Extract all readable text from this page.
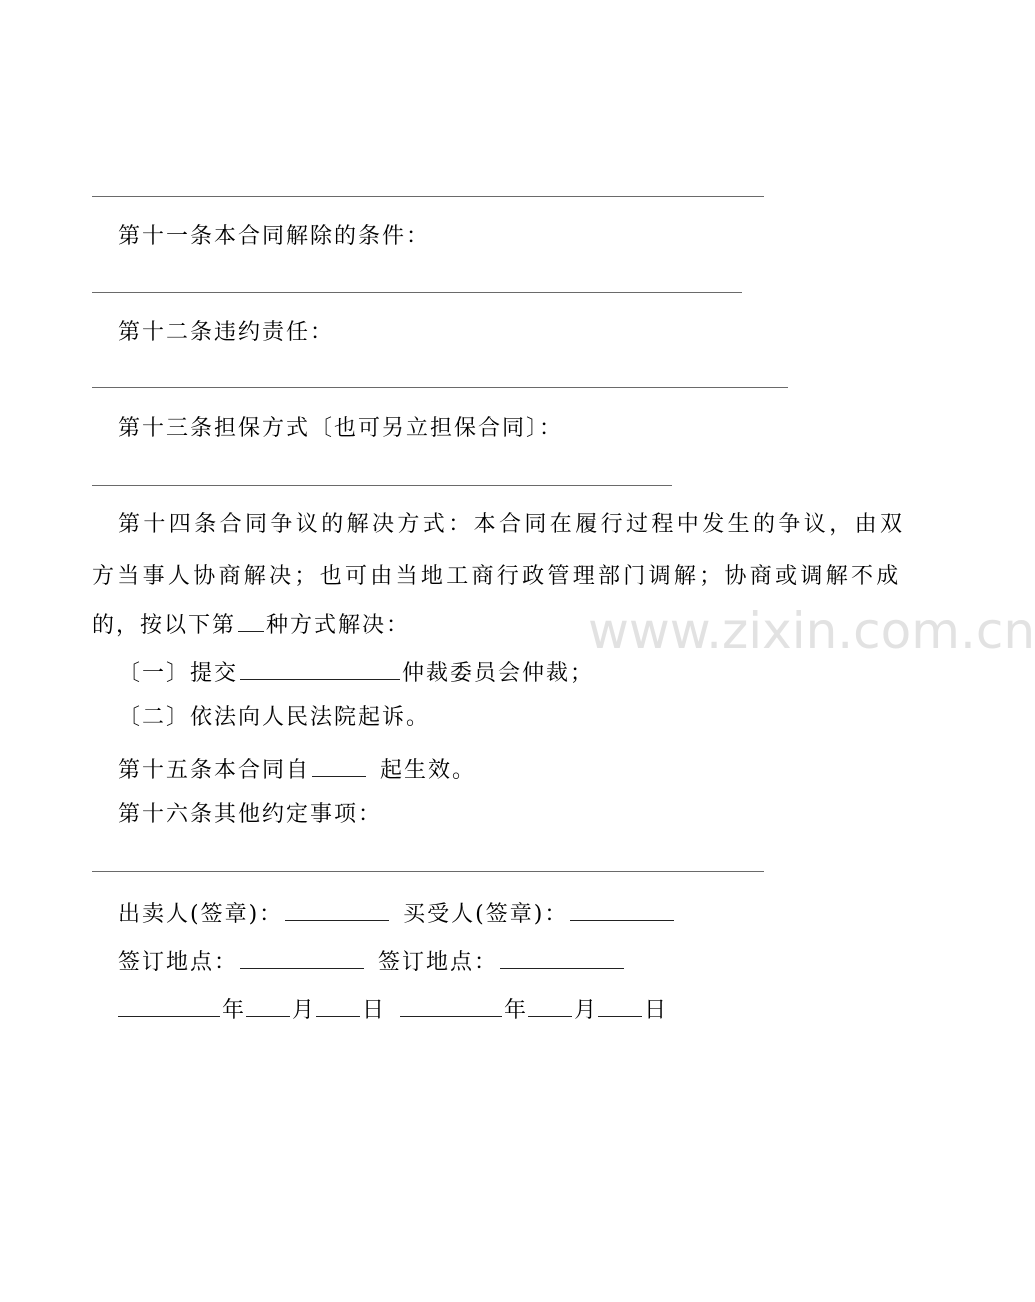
第十一条本合同解除的条件：
第十二条违约责任：
第十三条担保方式〔也可另立担保合同〕：
第十四条合同争议的解决方式：本合同在履行过程中发生的争议，由双
方当事人协商解决；也可由当地工商行政管理部门调解；协商或调解不成
的，按以下第 种方式解决：
〔一〕提交	仲裁委员会仲裁；
〔二〕依法向人民法院起诉。
第十五条本合同自	起生效。
第十六条其他约定事项：
出卖人(签章)：	买受人(签章)：
签订地点：	签订地点：
年 月 日	年 月 日
www.zixin.com.cn
